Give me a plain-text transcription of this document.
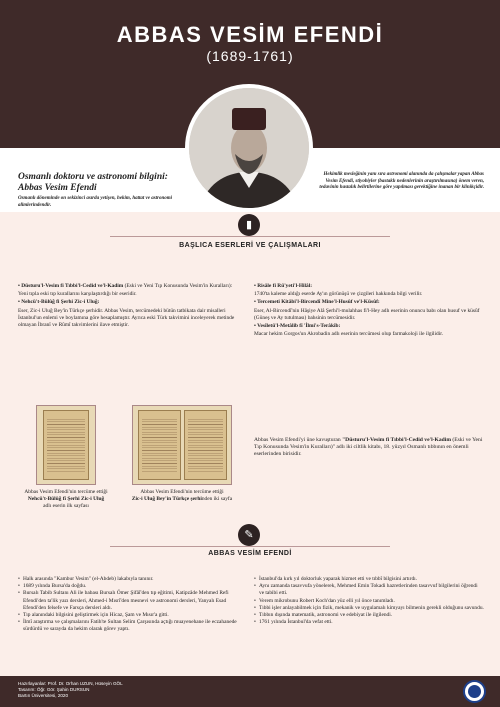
ABBAS VESİM EFENDİ
(1689-1761)
Osmanlı doktoru ve astronomi bilgini: Abbas Vesim Efendi
Osmanlı döneminde on sekizinci asırda yetişen, hekim, hattat ve astronomi alimlerindendir.
Hekimlik mesleğinin yanı sıra astronomi alanında da çalışmalar yapan Abbas Vesim Efendi, stiyobiyler (bastaklı nedenlerinin araştırılmasına) önem veren, tedavinin hastalık belirtilerine göre yapılması gerektiğine inanan bir klinikçidir.
▮
BAŞLICA ESERLERİ VE ÇALIŞMALARI

• Düsturu'l-Vesim fi Tıbbi'l-Cedid ve'l-Kadim (Eski ve Yeni Tıp Konusunda Vesim'in Kuralları):

Yeni tıpla eski tıp kurallarını karşılaştırdığı bir eseridir.

• Nehcü't-Bülûğ fi Şerhi Zic-i Uluğ:

Eser, Zic-i Uluğ Bey'in Türkçe şerhidir. Abbas Vesim, tercümedeki bütün tatbikata dair misalleri İstanbul'un enlemi ve boylamına göre hesaplamıştır. Ayrıca eski Türk takvimini inceleyerek metinde olmayan İbranî ve Rûmî takvimlerini ilave etmiştir.

• Risâle fi Rü'yeti'l-Hilâl:

1740'ta kaleme aldığı eserde Ay'ın görünüşü ve çizgileri hakkında bilgi verilir.

• Tercemeti Kitâbi'l-Bircendî Mine'l-Husûf ve'l-Küsûf:

Eser, Al-Bircendî'nin Hâşiye Alâ Şerhi'l-mulahhas fi'l-Hey adlı eserinin onuncu babı olan husuf ve küsûf (Güneş ve Ay tutulması) bahsinin tercümesidir.

• Vesîletü'l-Metâlib fî 'İlmi's-Terâkîb:

Macar hekim Gorgos'un Akrobadin adlı eserinin tercümesi olup farmakoloji ile ilgilidir.

Abbas Vesim Efendi'nin tercüme ettiği
Nehcü't-Bülûğ fî Şerhi Zic-i Uluğ
adlı eserin ilk sayfası
Abbas Vesim Efendi'nin tercüme ettiği
Zic-i Uluğ Bey'in Türkçe şerhinden iki sayfa
Abbas Vesim Efendi'yi üne kavuşturan "Düsturu'l-Vesim fi Tıbbi'l-Cedid ve'l-Kadim (Eski ve Yeni Tıp Konusunda Vesim'in Kuralları)" adlı iki ciltlik kitabı, 18. yüzyıl Osmanlı tıbbının en önemli eserlerinden birisidir.
✎
ABBAS VESİM EFENDİ
• Halk arasında "Kambur Vesim" (el-Abdeb) lakabıyla tanınır.
• 1689 yılında Bursa'da doğdu.
• Bursalı Tabib Sultanı Ali ile babası Bursalı Ömer Şifâî'den tıp eğitimi, Katipzâde Mehmed Refi Efendi'den ta'lik yazı dersleri, Ahmed-i Mısrî'den mesnevi ve astronomi dersleri, Yanyalı Esad Efendi'den felsefe ve Farsça dersleri aldı.
• Tıp alanındaki bilgisini geliştirmek için Hicaz, Şam ve Mısır'a gitti.
• İlmî araştırma ve çalışmalarını Fatih'te Sultan Selim Çarşısında açtığı muayenehane ile eczahanede sürdürdü ve sarayda da hekim olarak görev yaptı.
• İstanbul'da kırk yıl doktorluk yaparak hizmet etti ve tıbbî bilgisini artırdı.
• Aynı zamanda tasavvufa yönelerek, Mehmed Emin Tokadi hazretlerinden tasavvuf bilgilerini öğrendi ve tabibi etti.
• Verem mikrobunu Robert Koch'dan yüz elli yıl önce tanımladı.
• Tıbbi işler anlayabilmek için fizik, mekanik ve uygulamalı kimyayı bilmenin gerekli olduğunu savundu.
• Tıbbın dışında matematik, astronomi ve edebiyat ile ilgilendi.
• 1761 yılında İstanbul'da vefat etti.
Hazırlayanlar: Prof. Dr. Orhan UZUN, Hüseyin GÖL
Tasarım: Öğr. Gör. Şahin DURSUN
Bartın Üniversitesi, 2020
